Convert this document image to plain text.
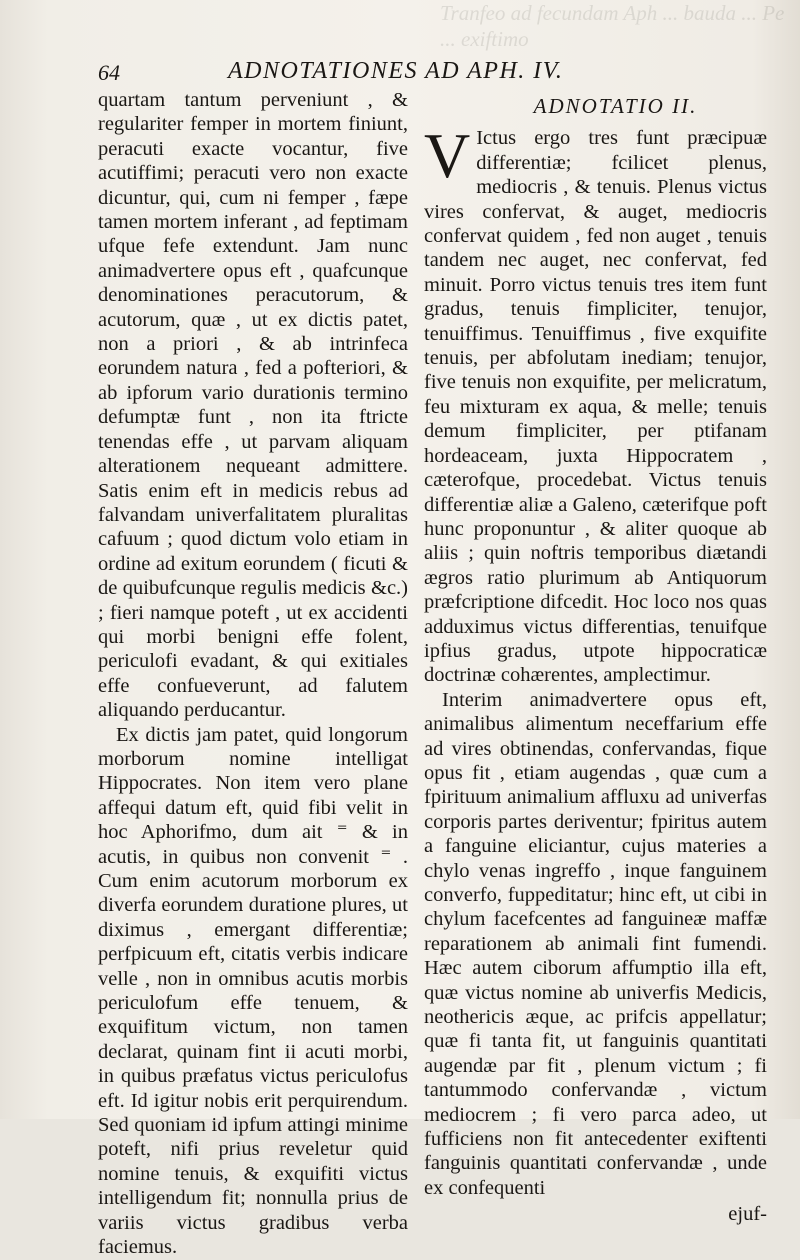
Tranfeo ad fecundam Aph ... bauda ... Pe ... exiftimo
64	ADNOTATIONES AD APH. IV.

quartam tantum perveniunt , & regulariter femper in mortem finiunt, peracuti exacte vocantur, five acutiffimi; peracuti vero non exacte dicuntur, qui, cum ni femper , fæpe tamen mortem inferant , ad feptimam ufque fefe extendunt. Jam nunc animadvertere opus eft , quafcunque denominationes peracutorum, & acutorum, quæ , ut ex dictis patet, non a priori , & ab intrinfeca eorundem natura , fed a pofteriori, & ab ipforum vario durationis termino defumptæ funt , non ita ftricte tenendas effe , ut parvam aliquam alterationem nequeant admittere. Satis enim eft in medicis rebus ad falvandam univerfalitatem pluralitas cafuum ; quod dictum volo etiam in ordine ad exitum eorundem ( ficuti & de quibufcunque regulis medicis &c.) ; fieri namque poteft , ut ex accidenti qui morbi benigni effe folent, periculofi evadant, & qui exitiales effe confueverunt, ad falutem aliquando perducantur.

Ex dictis jam patet, quid longorum morborum nomine intelligat Hippocrates. Non item vero plane affequi datum eft, quid fibi velit in hoc Aphorifmo, dum ait ⁼ & in acutis, in quibus non convenit ⁼ . Cum enim acutorum morborum ex diverfa eorundem duratione plures, ut diximus , emergant differentiæ; perfpicuum eft, citatis verbis indicare velle , non in omnibus acutis morbis periculofum effe tenuem, & exquifitum victum, non tamen declarat, quinam fint ii acuti morbi, in quibus præfatus victus periculofus eft. Id igitur nobis erit perquirendum. Sed quoniam id ipfum attingi minime poteft, nifi prius reveletur quid nomine tenuis, & exquifiti victus intelligendum fit; nonnulla prius de variis victus gradibus verba faciemus.

ADNOTATIO II.

V Ictus ergo tres funt præcipuæ differentiæ; fcilicet plenus, mediocris , & tenuis. Plenus victus vires confervat, & auget, mediocris confervat quidem , fed non auget , tenuis tandem nec auget, nec confervat, fed minuit. Porro victus tenuis tres item funt gradus, tenuis fimpliciter, tenujor, tenuiffimus. Tenuiffimus , five exquifite tenuis, per abfolutam inediam; tenujor, five tenuis non exquifite, per melicratum, feu mixturam ex aqua, & melle; tenuis demum fimpliciter, per ptifanam hordeaceam, juxta Hippocratem , cæterofque, procedebat. Victus tenuis differentiæ aliæ a Galeno, cæterifque poft hunc proponuntur , & aliter quoque ab aliis ; quin noftris temporibus diætandi ægros ratio plurimum ab Antiquorum præfcriptione difcedit. Hoc loco nos quas adduximus victus differentias, tenuifque ipfius gradus, utpote hippocraticæ doctrinæ cohærentes, amplectimur.

Interim animadvertere opus eft, animalibus alimentum neceffarium effe ad vires obtinendas, confervandas, fique opus fit , etiam augendas , quæ cum a fpirituum animalium affluxu ad univerfas corporis partes deriventur; fpiritus autem a fanguine eliciantur, cujus materies a chylo venas ingreffo , inque fanguinem converfo, fuppeditatur; hinc eft, ut cibi in chylum facefcentes ad fanguineæ maffæ reparationem ab animali fint fumendi. Hæc autem ciborum affumptio illa eft, quæ victus nomine ab univerfis Medicis, neothericis æque, ac prifcis appellatur; quæ fi tanta fit, ut fanguinis quantitati augendæ par fit , plenum victum ; fi tantummodo confervandæ , victum mediocrem ; fi vero parca adeo, ut fufficiens non fit antecedenter exiftenti fanguinis quantitati confervandæ , unde ex confequenti

ejuf-
